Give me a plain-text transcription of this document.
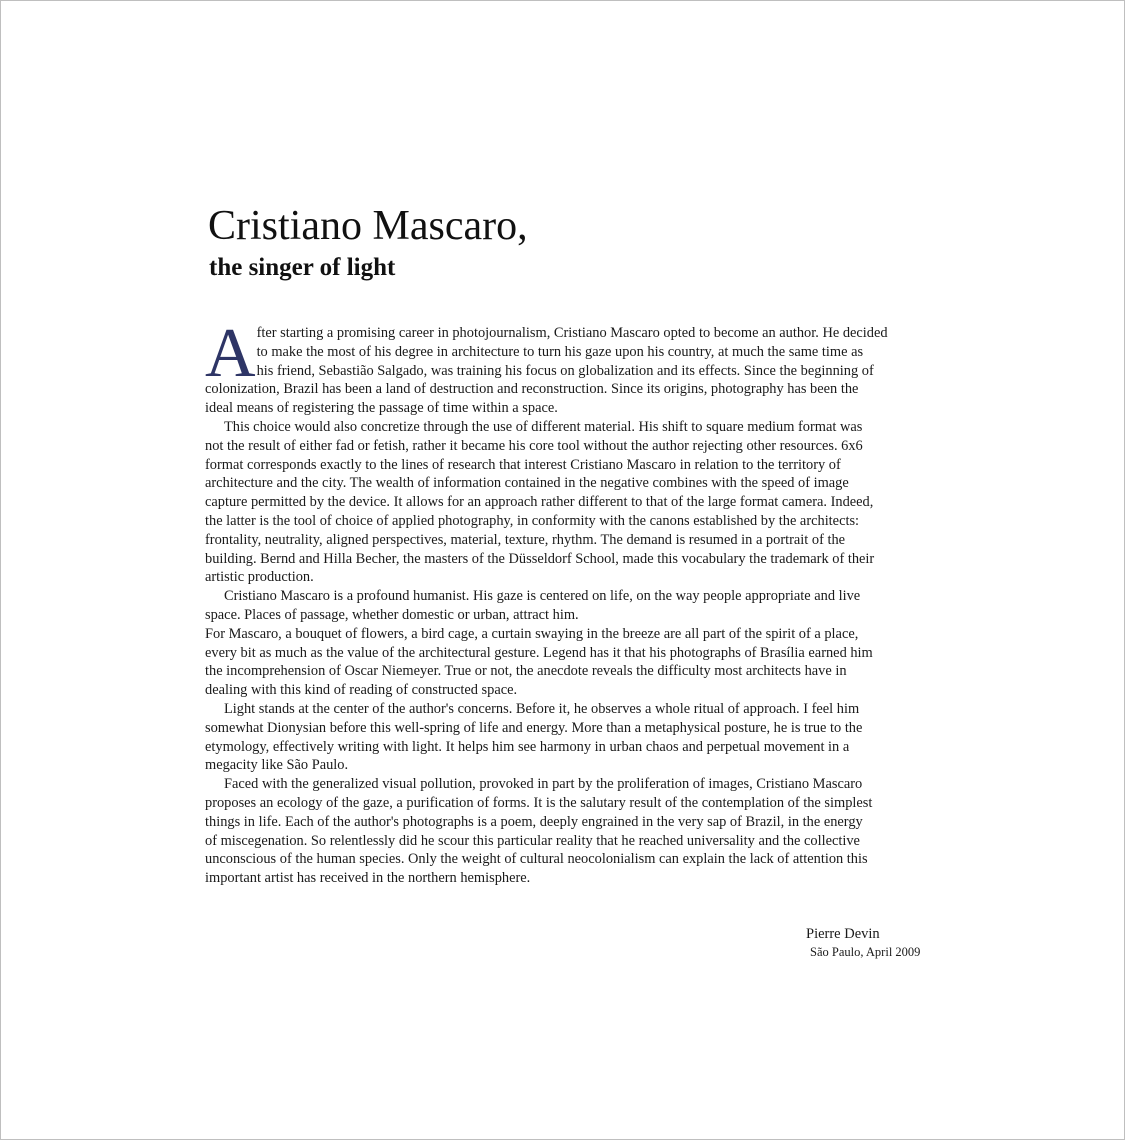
Cristiano Mascaro,
the singer of light

A fter starting a promising career in photojournalism, Cristiano Mascaro opted to become an author. He decided
to make the most of his degree in architecture to turn his gaze upon his country, at much the same time as
his friend, Sebastião Salgado, was training his focus on globalization and its effects. Since the beginning of
colonization, Brazil has been a land of destruction and reconstruction. Since its origins, photography has been the
ideal means of registering the passage of time within a space.

This choice would also concretize through the use of different material. His shift to square medium format was
not the result of either fad or fetish, rather it became his core tool without the author rejecting other resources. 6x6
format corresponds exactly to the lines of research that interest Cristiano Mascaro in relation to the territory of
architecture and the city. The wealth of information contained in the negative combines with the speed of image
capture permitted by the device. It allows for an approach rather different to that of the large format camera. Indeed,
the latter is the tool of choice of applied photography, in conformity with the canons established by the architects:
frontality, neutrality, aligned perspectives, material, texture, rhythm. The demand is resumed in a portrait of the
building. Bernd and Hilla Becher, the masters of the Düsseldorf School, made this vocabulary the trademark of their
artistic production.

Cristiano Mascaro is a profound humanist. His gaze is centered on life, on the way people appropriate and live
space. Places of passage, whether domestic or urban, attract him.

For Mascaro, a bouquet of flowers, a bird cage, a curtain swaying in the breeze are all part of the spirit of a place,
every bit as much as the value of the architectural gesture. Legend has it that his photographs of Brasília earned him
the incomprehension of Oscar Niemeyer. True or not, the anecdote reveals the difficulty most architects have in
dealing with this kind of reading of constructed space.

Light stands at the center of the author's concerns. Before it, he observes a whole ritual of approach. I feel him
somewhat Dionysian before this well-spring of life and energy. More than a metaphysical posture, he is true to the
etymology, effectively writing with light. It helps him see harmony in urban chaos and perpetual movement in a
megacity like São Paulo.

Faced with the generalized visual pollution, provoked in part by the proliferation of images, Cristiano Mascaro
proposes an ecology of the gaze, a purification of forms. It is the salutary result of the contemplation of the simplest
things in life. Each of the author's photographs is a poem, deeply engrained in the very sap of Brazil, in the energy
of miscegenation. So relentlessly did he scour this particular reality that he reached universality and the collective
unconscious of the human species. Only the weight of cultural neocolonialism can explain the lack of attention this
important artist has received in the northern hemisphere.

Pierre Devin
São Paulo, April 2009
